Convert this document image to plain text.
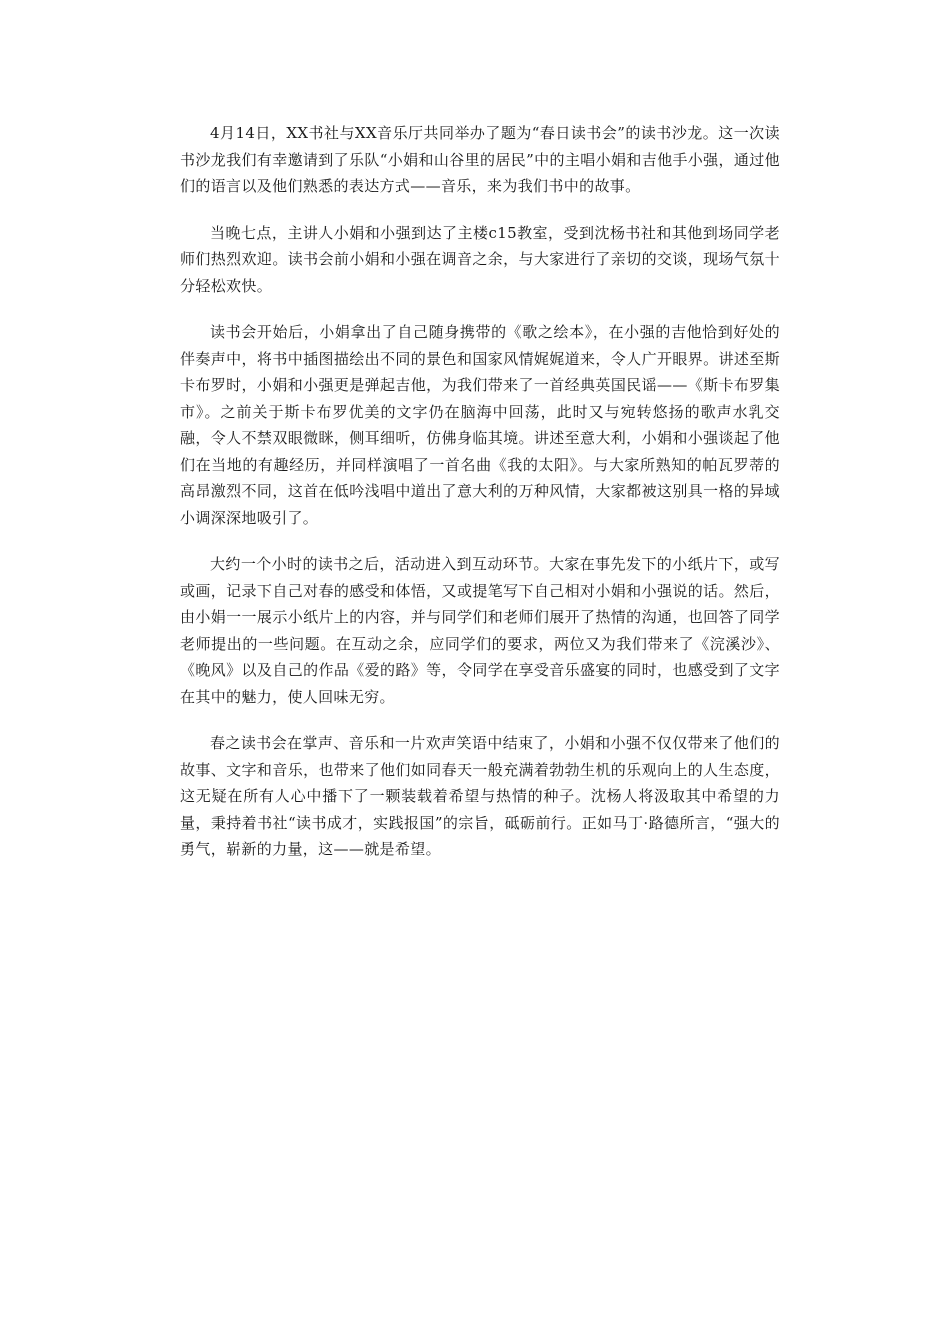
4月14日，XX书社与XX音乐厅共同举办了题为“春日读书会”的读书沙龙。这一次读书沙龙我们有幸邀请到了乐队“小娟和山谷里的居民”中的主唱小娟和吉他手小强，通过他们的语言以及他们熟悉的表达方式——音乐，来为我们书中的故事。

当晚七点，主讲人小娟和小强到达了主楼c15教室，受到沈杨书社和其他到场同学老师们热烈欢迎。读书会前小娟和小强在调音之余，与大家进行了亲切的交谈，现场气氛十分轻松欢快。

读书会开始后，小娟拿出了自己随身携带的《歌之绘本》，在小强的吉他恰到好处的伴奏声中，将书中插图描绘出不同的景色和国家风情娓娓道来，令人广开眼界。讲述至斯卡布罗时，小娟和小强更是弹起吉他，为我们带来了一首经典英国民谣——《斯卡布罗集市》。之前关于斯卡布罗优美的文字仍在脑海中回荡，此时又与宛转悠扬的歌声水乳交融，令人不禁双眼微眯，侧耳细听，仿佛身临其境。讲述至意大利，小娟和小强谈起了他们在当地的有趣经历，并同样演唱了一首名曲《我的太阳》。与大家所熟知的帕瓦罗蒂的高昂激烈不同，这首在低吟浅唱中道出了意大利的万种风情，大家都被这别具一格的异域小调深深地吸引了。

大约一个小时的读书之后，活动进入到互动环节。大家在事先发下的小纸片下，或写或画，记录下自己对春的感受和体悟，又或提笔写下自己相对小娟和小强说的话。然后，由小娟一一展示小纸片上的内容，并与同学们和老师们展开了热情的沟通，也回答了同学老师提出的一些问题。在互动之余，应同学们的要求，两位又为我们带来了《浣溪沙》、《晚风》以及自己的作品《爱的路》等，令同学在享受音乐盛宴的同时，也感受到了文字在其中的魅力，使人回味无穷。

春之读书会在掌声、音乐和一片欢声笑语中结束了，小娟和小强不仅仅带来了他们的故事、文字和音乐，也带来了他们如同春天一般充满着勃勃生机的乐观向上的人生态度，这无疑在所有人心中播下了一颗装载着希望与热情的种子。沈杨人将汲取其中希望的力量，秉持着书社“读书成才，实践报国”的宗旨，砥砺前行。正如马丁·路德所言，“强大的勇气，崭新的力量，这——就是希望。
